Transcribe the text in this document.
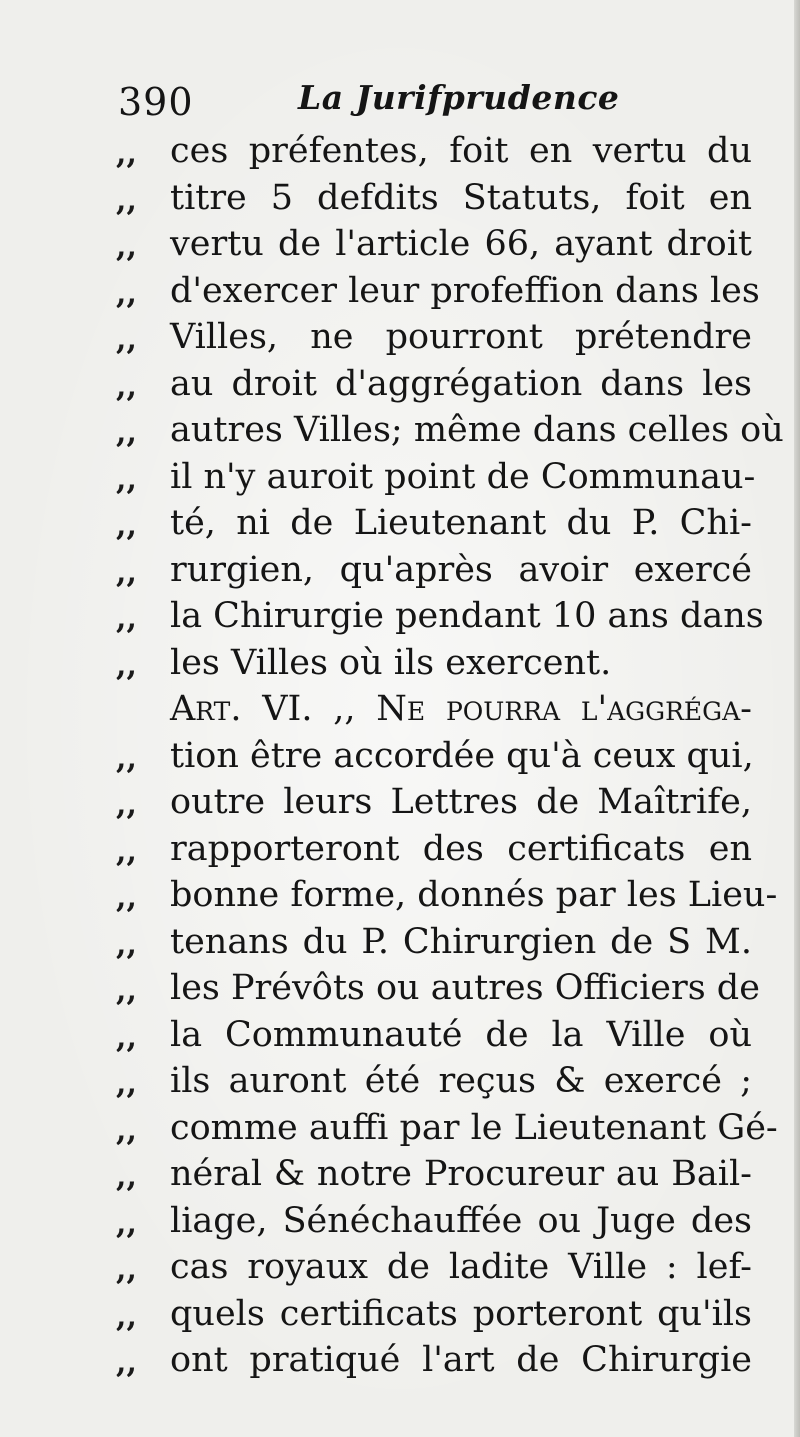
390	La Jurifprudence
,, ces préfentes, foit en vertu du
,, titre 5 defdits Statuts, foit en
,, vertu de l'article 66, ayant droit
,, d'exercer leur profeffion dans les
,, Villes, ne pourront prétendre
,, au droit d'aggrégation dans les
,, autres Villes; même dans celles où
,, il n'y auroit point de Communau-
,, té, ni de Lieutenant du P. Chi-
,, rurgien, qu'après avoir exercé
,, la Chirurgie pendant 10 ans dans
,, les Villes où ils exercent.
Art. VI. ,, Ne pourra l'aggréga-
,, tion être accordée qu'à ceux qui,
,, outre leurs Lettres de Maîtrife,
,, rapporteront des certificats en
,, bonne forme, donnés par les Lieu-
,, tenans du P. Chirurgien de S M.
,, les Prévôts ou autres Officiers de
,, la Communauté de la Ville où
,, ils auront été reçus & exercé ;
,, comme auffi par le Lieutenant Gé-
,, néral & notre Procureur au Bail-
,, liage, Sénéchauffée ou Juge des
,, cas royaux de ladite Ville : lef-
,, quels certificats porteront qu'ils
,, ont pratiqué l'art de Chirurgie
